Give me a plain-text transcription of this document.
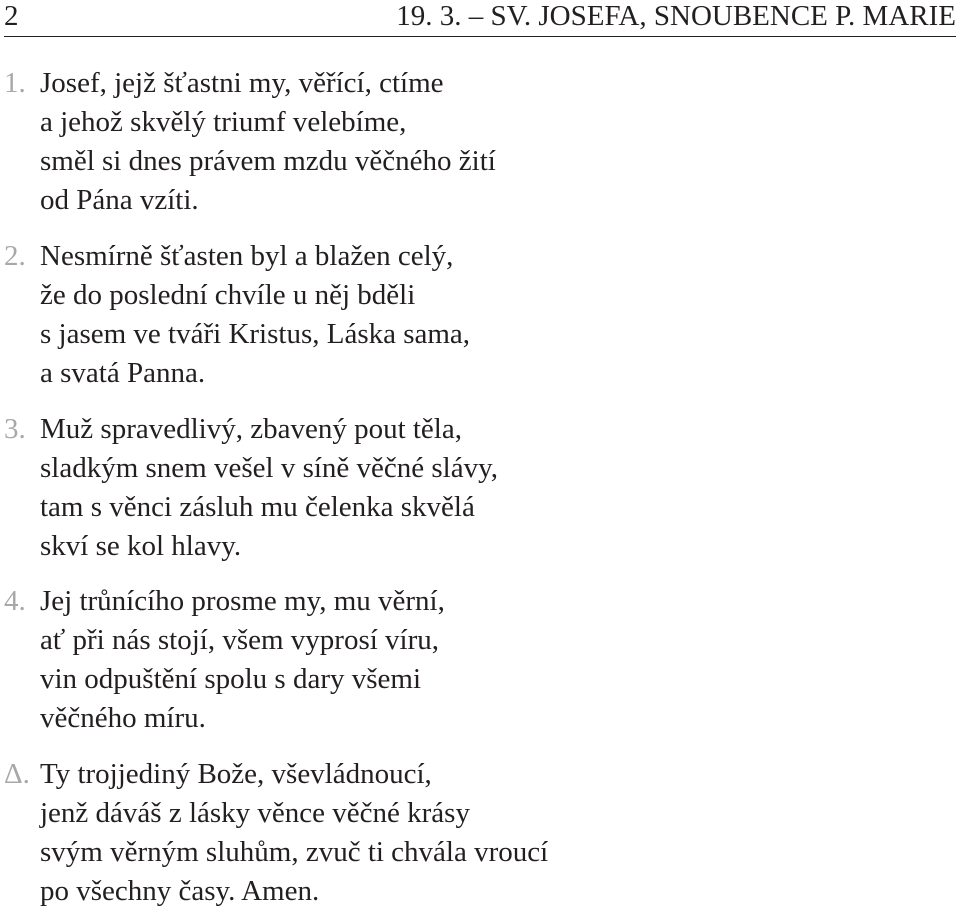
2	19. 3. – SV. JOSEFA, SNOUBENCE P. MARIE
1. Josef, jejž šťastni my, věřící, ctíme
a jehož skvělý triumf velebíme,
směl si dnes právem mzdu věčného žití
od Pána vzíti.
2. Nesmírně šťasten byl a blažen celý,
že do poslední chvíle u něj bděli
s jasem ve tváři Kristus, Láska sama,
a svatá Panna.
3. Muž spravedlivý, zbavený pout těla,
sladkým snem vešel v síně věčné slávy,
tam s věnci zásluh mu čelenka skvělá
skví se kol hlavy.
4. Jej trůnícího prosme my, mu věrní,
ať při nás stojí, všem vyprosí víru,
vin odpuštění spolu s dary všemi
věčného míru.
Δ. Ty trojjediný Bože, vševládnoucí,
jenž dáváš z lásky věnce věčné krásy
svým věrným sluhům, zvuč ti chvála vroucí
po všechny časy. Amen.
